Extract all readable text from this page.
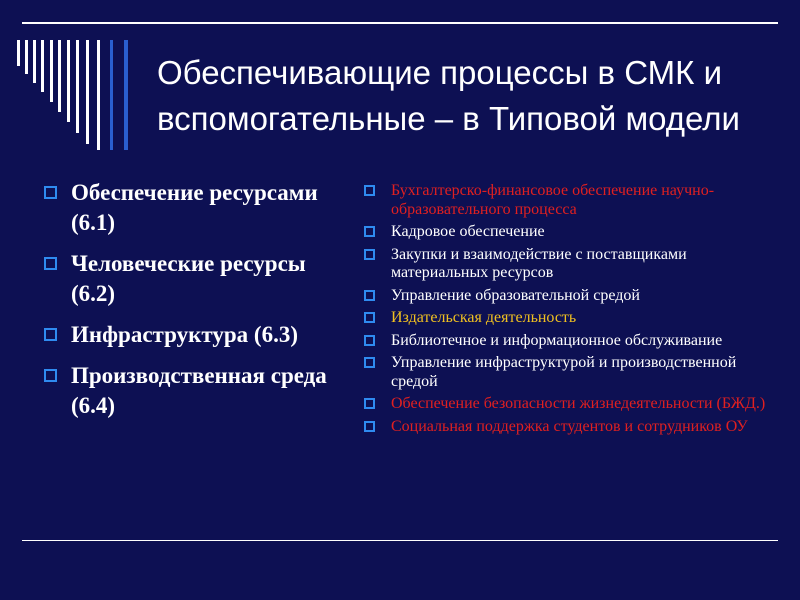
Обеспечивающие процессы в СМК и вспомогательные – в Типовой модели
Обеспечение ресурсами (6.1)
Человеческие ресурсы (6.2)
Инфраструктура (6.3)
Производственная среда (6.4)
Бухгалтерско-финансовое обеспечение научно-образовательного процесса
Кадровое обеспечение
Закупки и взаимодействие с поставщиками материальных ресурсов
Управление образовательной средой
Издательская деятельность
Библиотечное и информационное обслуживание
Управление инфраструктурой и производственной средой
Обеспечение безопасности жизнедеятельности (БЖД.)
Социальная поддержка студентов и сотрудников ОУ
